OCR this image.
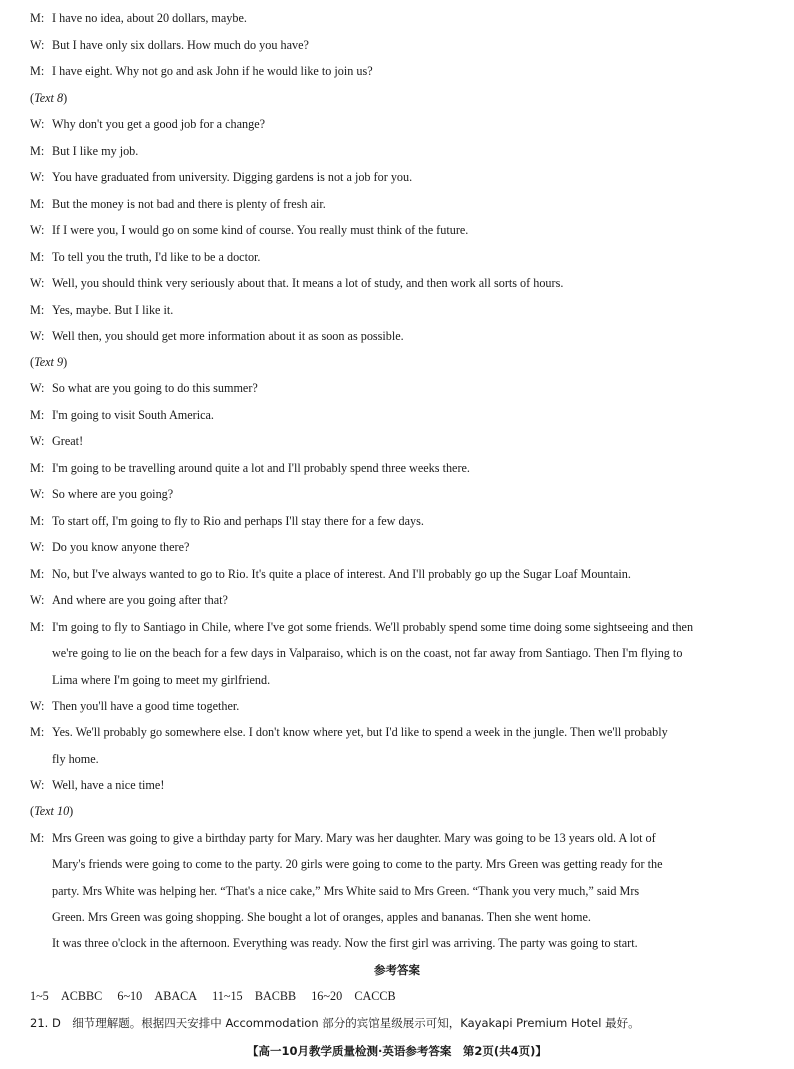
M: I have no idea, about 20 dollars, maybe.
W: But I have only six dollars. How much do you have?
M: I have eight. Why not go and ask John if he would like to join us?
(Text 8)
W: Why don't you get a good job for a change?
M: But I like my job.
W: You have graduated from university. Digging gardens is not a job for you.
M: But the money is not bad and there is plenty of fresh air.
W: If I were you, I would go on some kind of course. You really must think of the future.
M: To tell you the truth, I'd like to be a doctor.
W: Well, you should think very seriously about that. It means a lot of study, and then work all sorts of hours.
M: Yes, maybe. But I like it.
W: Well then, you should get more information about it as soon as possible.
(Text 9)
W: So what are you going to do this summer?
M: I'm going to visit South America.
W: Great!
M: I'm going to be travelling around quite a lot and I'll probably spend three weeks there.
W: So where are you going?
M: To start off, I'm going to fly to Rio and perhaps I'll stay there for a few days.
W: Do you know anyone there?
M: No, but I've always wanted to go to Rio. It's quite a place of interest. And I'll probably go up the Sugar Loaf Mountain.
W: And where are you going after that?
M: I'm going to fly to Santiago in Chile, where I've got some friends. We'll probably spend some time doing some sightseeing and then
we're going to lie on the beach for a few days in Valparaiso, which is on the coast, not far away from Santiago. Then I'm flying to
Lima where I'm going to meet my girlfriend.
W: Then you'll have a good time together.
M: Yes. We'll probably go somewhere else. I don't know where yet, but I'd like to spend a week in the jungle. Then we'll probably
fly home.
W: Well, have a nice time!
(Text 10)
M: Mrs Green was going to give a birthday party for Mary. Mary was her daughter. Mary was going to be 13 years old. A lot of
Mary's friends were going to come to the party. 20 girls were going to come to the party. Mrs Green was getting ready for the
party. Mrs White was helping her. “That's a nice cake,” Mrs White said to Mrs Green. “Thank you very much,” said Mrs
Green. Mrs Green was going shopping. She bought a lot of oranges, apples and bananas. Then she went home.
It was three o'clock in the afternoon. Everything was ready. Now the first girl was arriving. The party was going to start.
参考答案
1~5　ACBBC 6~10　ABACA 11~15　BACBB 16~20　CACCB
21. D　细节理解题。根据四天安排中 Accommodation 部分的宾馆星级展示可知，Kayakapi Premium Hotel 最好。
【高一10月教学质量检测·英语参考答案　第2页(共4页)】
